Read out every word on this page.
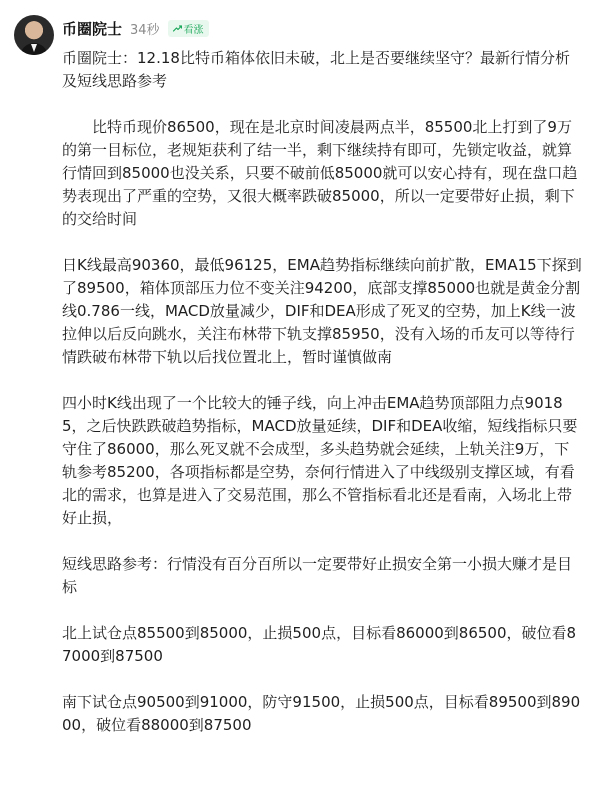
币圈院士 34秒 看涨

币圈院士：12.18比特币箱体依旧未破，北上是否要继续坚守？最新行情分析及短线思路参考

比特币现价86500，现在是北京时间凌晨两点半，85500北上打到了9万的第一目标位，老规矩获利了结一半，剩下继续持有即可，先锁定收益，就算行情回到85000也没关系，只要不破前低85000就可以安心持有，现在盘口趋势表现出了严重的空势，又很大概率跌破85000，所以一定要带好止损，剩下的交给时间

日K线最高90360，最低96125，EMA趋势指标继续向前扩散，EMA15下探到了89500，箱体顶部压力位不变关注94200，底部支撑85000也就是黄金分割线0.786一线，MACD放量减少，DIF和DEA形成了死叉的空势，加上K线一波拉伸以后反向跳水，关注布林带下轨支撑85950，没有入场的币友可以等待行情跌破布林带下轨以后找位置北上，暂时谨慎做南

四小时K线出现了一个比较大的锤子线，向上冲击EMA趋势顶部阻力点90185，之后快跌跌破趋势指标，MACD放量延续，DIF和DEA收缩，短线指标只要守住了86000，那么死叉就不会成型，多头趋势就会延续，上轨关注9万，下轨参考85200，各项指标都是空势，奈何行情进入了中线级别支撑区域，有看北的需求，也算是进入了交易范围，那么不管指标看北还是看南，入场北上带好止损，

短线思路参考：行情没有百分百所以一定要带好止损安全第一小损大赚才是目标

北上试仓点85500到85000，止损500点，目标看86000到86500，破位看87000到87500

南下试仓点90500到91000，防守91500，止损500点，目标看89500到89000，破位看88000到87500
